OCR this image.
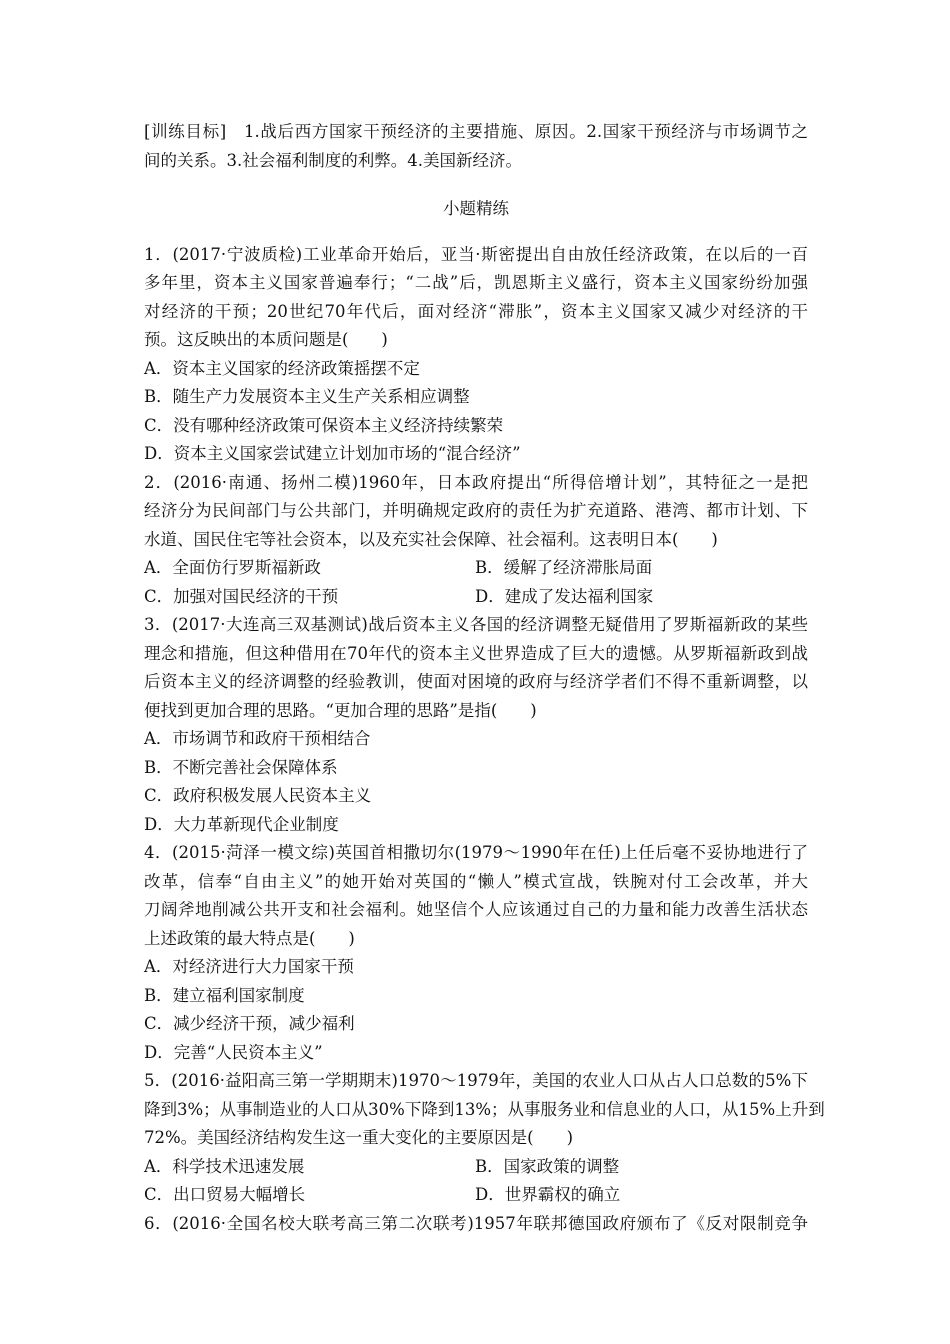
[训练目标]　1.战后西方国家干预经济的主要措施、原因。2.国家干预经济与市场调节之
间的关系。3.社会福利制度的利弊。4.美国新经济。
小题精练
1．(2017·宁波质检)工业革命开始后，亚当·斯密提出自由放任经济政策，在以后的一百
多年里，资本主义国家普遍奉行；“二战”后，凯恩斯主义盛行，资本主义国家纷纷加强
对经济的干预；20世纪70年代后，面对经济“滞胀”，资本主义国家又减少对经济的干
预。这反映出的本质问题是(　　)
A．资本主义国家的经济政策摇摆不定
B．随生产力发展资本主义生产关系相应调整
C．没有哪种经济政策可保资本主义经济持续繁荣
D．资本主义国家尝试建立计划加市场的“混合经济”
2．(2016·南通、扬州二模)1960年，日本政府提出“所得倍增计划”，其特征之一是把
经济分为民间部门与公共部门，并明确规定政府的责任为扩充道路、港湾、都市计划、下
水道、国民住宅等社会资本，以及充实社会保障、社会福利。这表明日本(　　)
A．全面仿行罗斯福新政	B．缓解了经济滞胀局面
C．加强对国民经济的干预	D．建成了发达福利国家
3．(2017·大连高三双基测试)战后资本主义各国的经济调整无疑借用了罗斯福新政的某些
理念和措施，但这种借用在70年代的资本主义世界造成了巨大的遗憾。从罗斯福新政到战
后资本主义的经济调整的经验教训，使面对困境的政府与经济学者们不得不重新调整，以
便找到更加合理的思路。“更加合理的思路”是指(　　)
A．市场调节和政府干预相结合
B．不断完善社会保障体系
C．政府积极发展人民资本主义
D．大力革新现代企业制度
4．(2015·菏泽一模文综)英国首相撒切尔(1979～1990年在任)上任后毫不妥协地进行了
改革，信奉“自由主义”的她开始对英国的“懒人”模式宣战，铁腕对付工会改革，并大
刀阔斧地削减公共开支和社会福利。她坚信个人应该通过自己的力量和能力改善生活状态
上述政策的最大特点是(　　)
A．对经济进行大力国家干预
B．建立福利国家制度
C．减少经济干预，减少福利
D．完善“人民资本主义”
5．(2016·益阳高三第一学期期末)1970～1979年，美国的农业人口从占人口总数的5%下
降到3%；从事制造业的人口从30%下降到13%；从事服务业和信息业的人口，从15%上升到
72%。美国经济结构发生这一重大变化的主要原因是(　　)
A．科学技术迅速发展	B．国家政策的调整
C．出口贸易大幅增长	D．世界霸权的确立
6．(2016·全国名校大联考高三第二次联考)1957年联邦德国政府颁布了《反对限制竞争
